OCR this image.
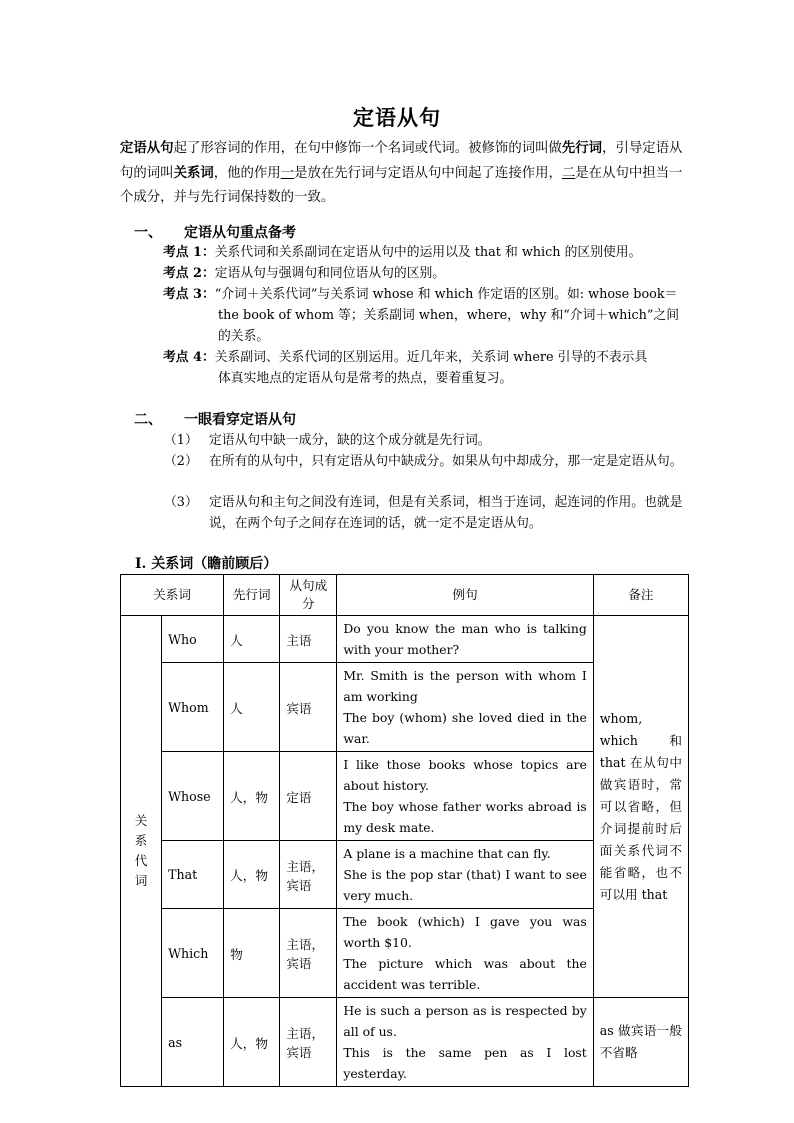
定语从句
定语从句起了形容词的作用，在句中修饰一个名词或代词。被修饰的词叫做先行词，引导定语从句的词叫关系词，他的作用一是放在先行词与定语从句中间起了连接作用，二是在从句中担当一个成分，并与先行词保持数的一致。
一、 定语从句重点备考
考点 1：关系代词和关系副词在定语从句中的运用以及 that 和 which 的区别使用。
考点 2：定语从句与强调句和同位语从句的区别。
考点 3：“介词＋关系代词”与关系词 whose 和 which 作定语的区别。如: whose book＝
the book of whom 等；关系副词 when，where，why 和“介词＋which”之间的关系。
考点 4：关系副词、关系代词的区别运用。近几年来，关系词 where 引导的不表示具
体真实地点的定语从句是常考的热点，要着重复习。
二、 一眼看穿定语从句
（1） 定语从句中缺一成分，缺的这个成分就是先行词。
（2） 在所有的从句中，只有定语从句中缺成分。如果从句中却成分，那一定是定语从句。
（3） 定语从句和主句之间没有连词，但是有关系词，相当于连词，起连词的作用。也就是说，在两个句子之间存在连词的话，就一定不是定语从句。
I. 关系词（瞻前顾后）
关系词		先行词	从句成分	例句	备注
关
系
代
词	Who	人	主语	Do you know the man who is talking with your mother?	whom, which 和 that 在从句中做宾语时，常可以省略，但介词提前时后面关系代词不能省略，也不可以用 that
	Whom	人	宾语	Mr. Smith is the person with whom I am working
The boy (whom) she loved died in the war.	

	Whose	人，物	定语	I like those books whose topics are about history.
The boy whose father works abroad is my desk mate.	

	That	人，物	主语，宾语	A plane is a machine that can fly.
She is the pop star (that) I want to see very much.	

	Which	物	主语，宾语	The book (which) I gave you was worth $10.
The picture which was about the accident was terrible.	

	as	人，物	主语，宾语	He is such a person as is respected by all of us.
This is the same pen as I lost yesterday.	as 做宾语一般不省略
